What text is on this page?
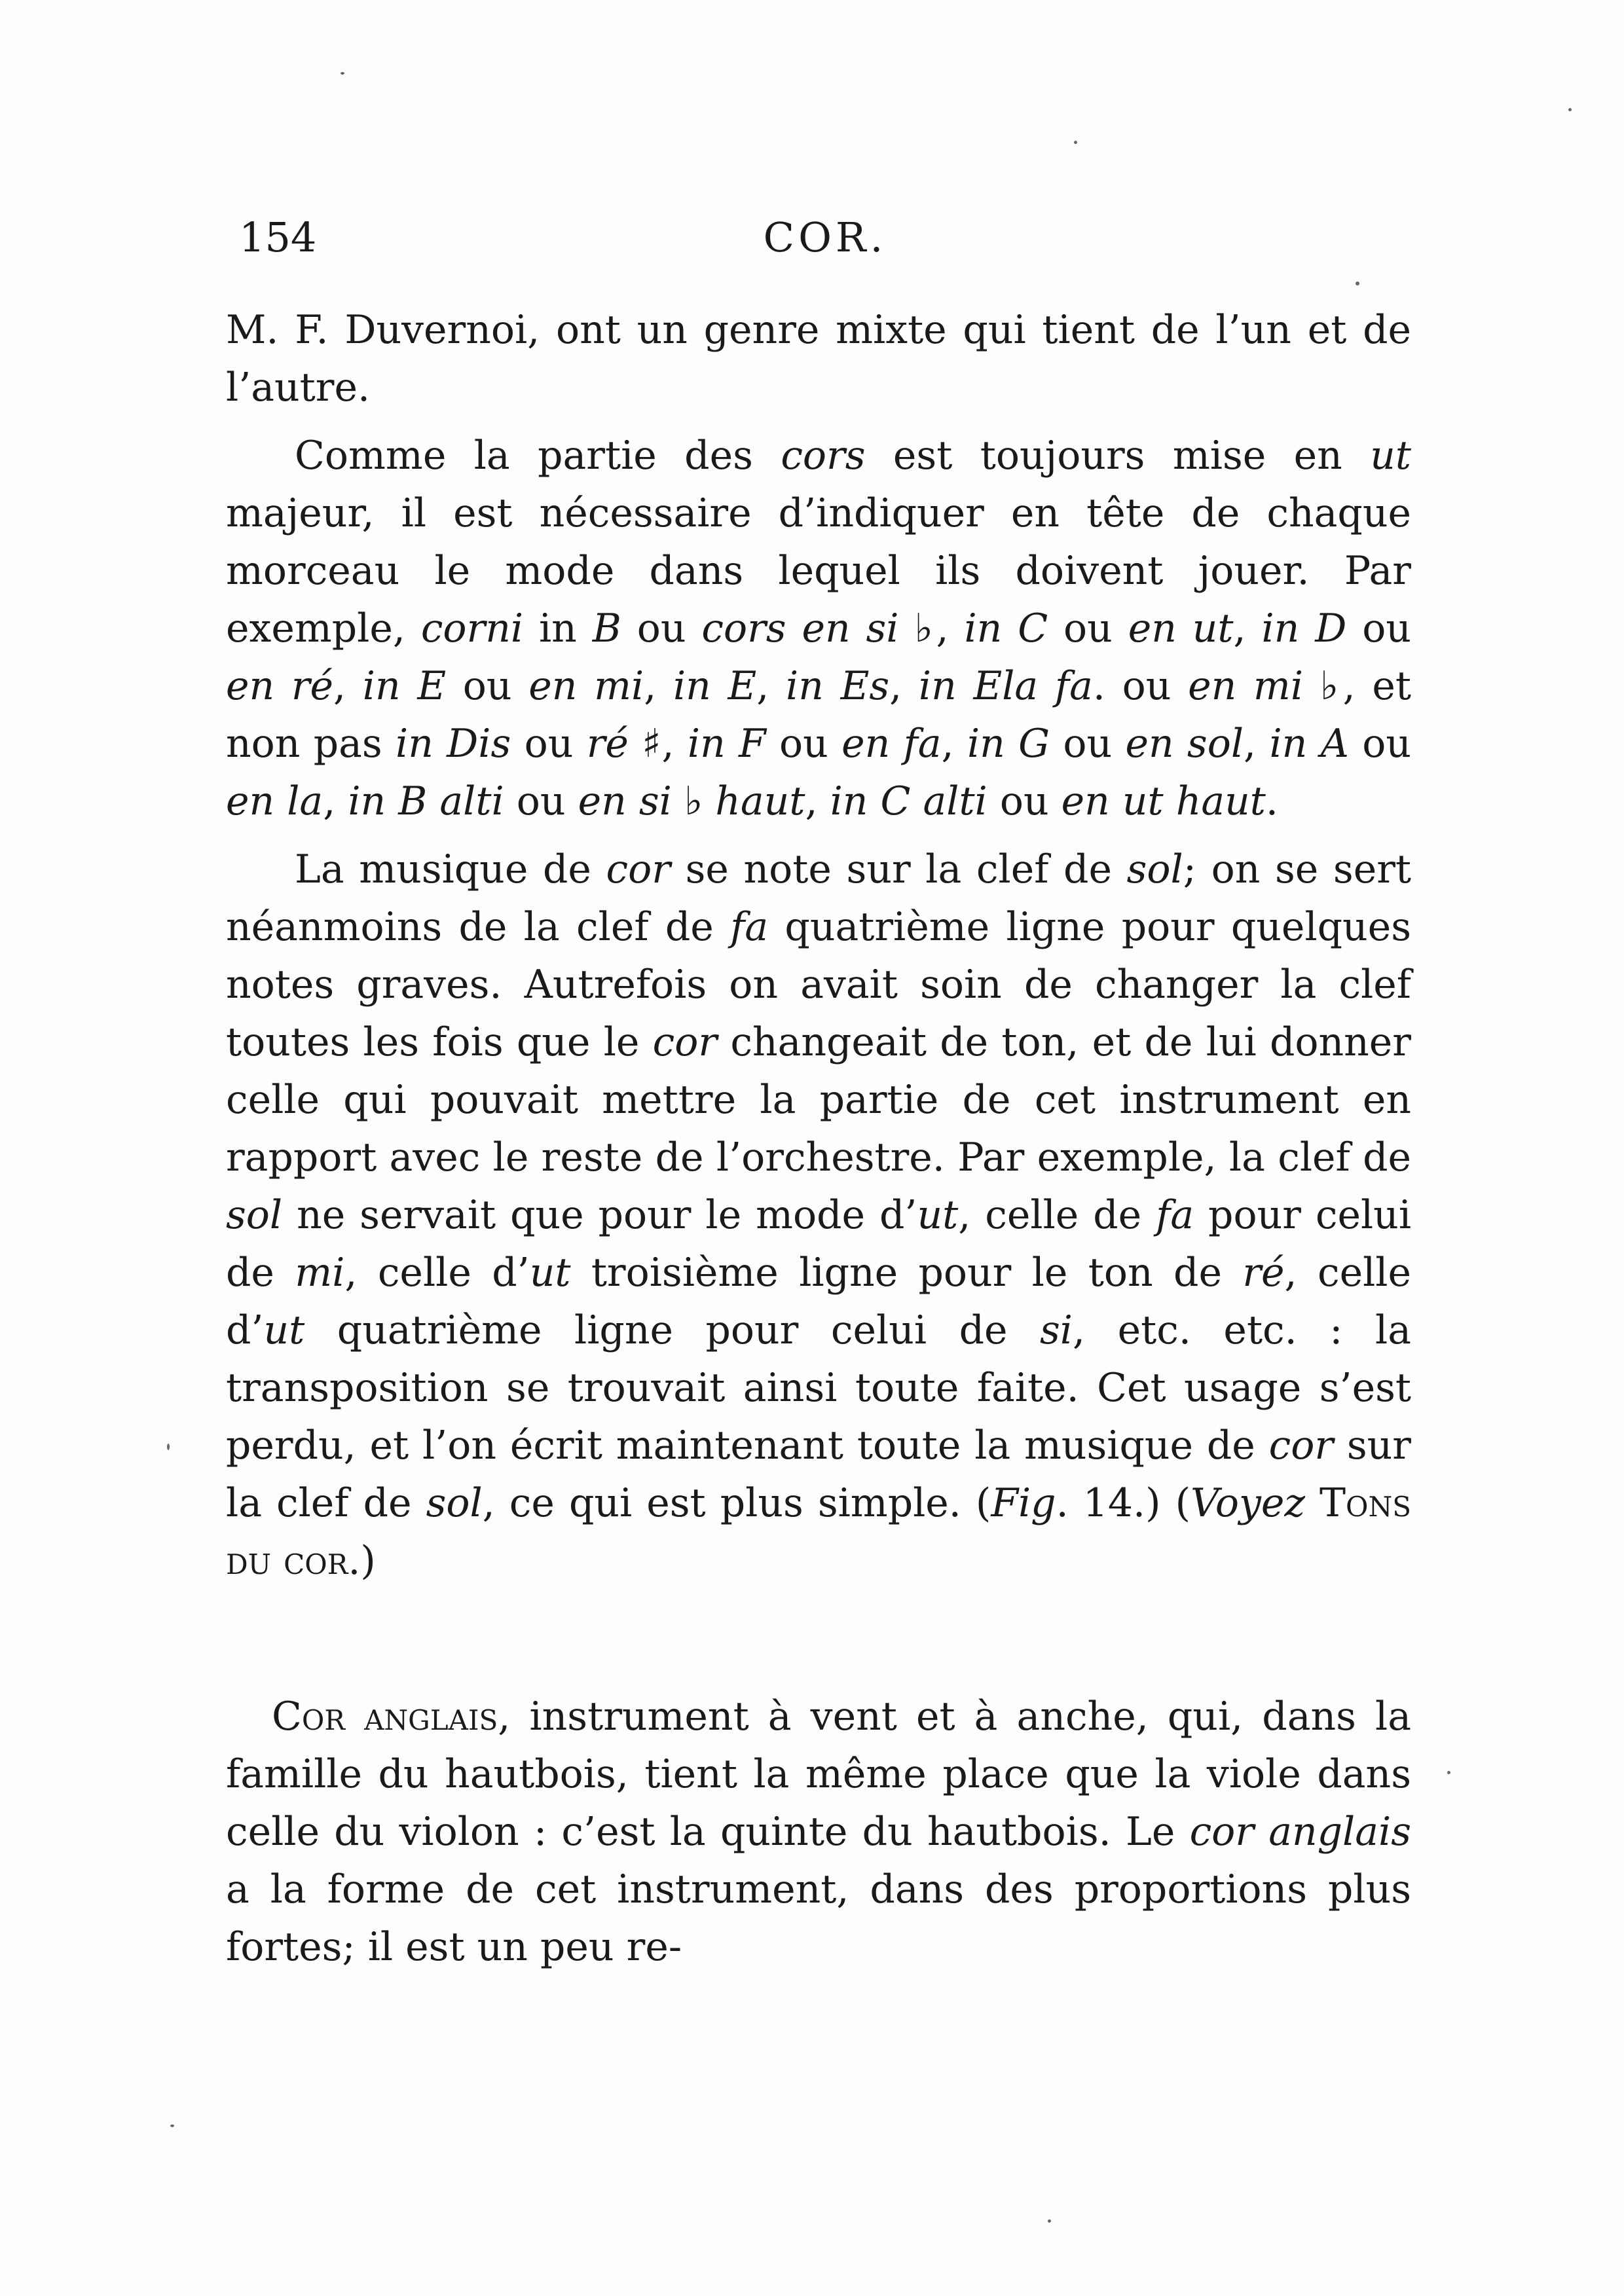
154	COR.

M. F. Duvernoi, ont un genre mixte qui tient de l’un et de l’autre.

Comme la partie des cors est toujours mise en ut majeur, il est nécessaire d’indiquer en tête de chaque morceau le mode dans lequel ils doivent jouer. Par exemple, corni in B ou cors en si ♭, in C ou en ut, in D ou en ré, in E ou en mi, in E, in Es, in Ela fa. ou en mi ♭, et non pas in Dis ou ré ♯, in F ou en fa, in G ou en sol, in A ou en la, in B alti ou en si ♭ haut, in C alti ou en ut haut.

La musique de cor se note sur la clef de sol; on se sert néanmoins de la clef de fa quatrième ligne pour quelques notes graves. Autrefois on avait soin de changer la clef toutes les fois que le cor changeait de ton, et de lui donner celle qui pouvait mettre la partie de cet instrument en rapport avec le reste de l’orchestre. Par exemple, la clef de sol ne servait que pour le mode d’ut, celle de fa pour celui de mi, celle d’ut troisième ligne pour le ton de ré, celle d’ut quatrième ligne pour celui de si, etc. etc. : la transposition se trouvait ainsi toute faite. Cet usage s’est perdu, et l’on écrit maintenant toute la musique de cor sur la clef de sol, ce qui est plus simple. (Fig. 14.) (Voyez Tons du cor.)

Cor anglais, instrument à vent et à anche, qui, dans la famille du hautbois, tient la même place que la viole dans celle du violon : c’est la quinte du hautbois. Le cor anglais a la forme de cet instrument, dans des proportions plus fortes; il est un peu re-
